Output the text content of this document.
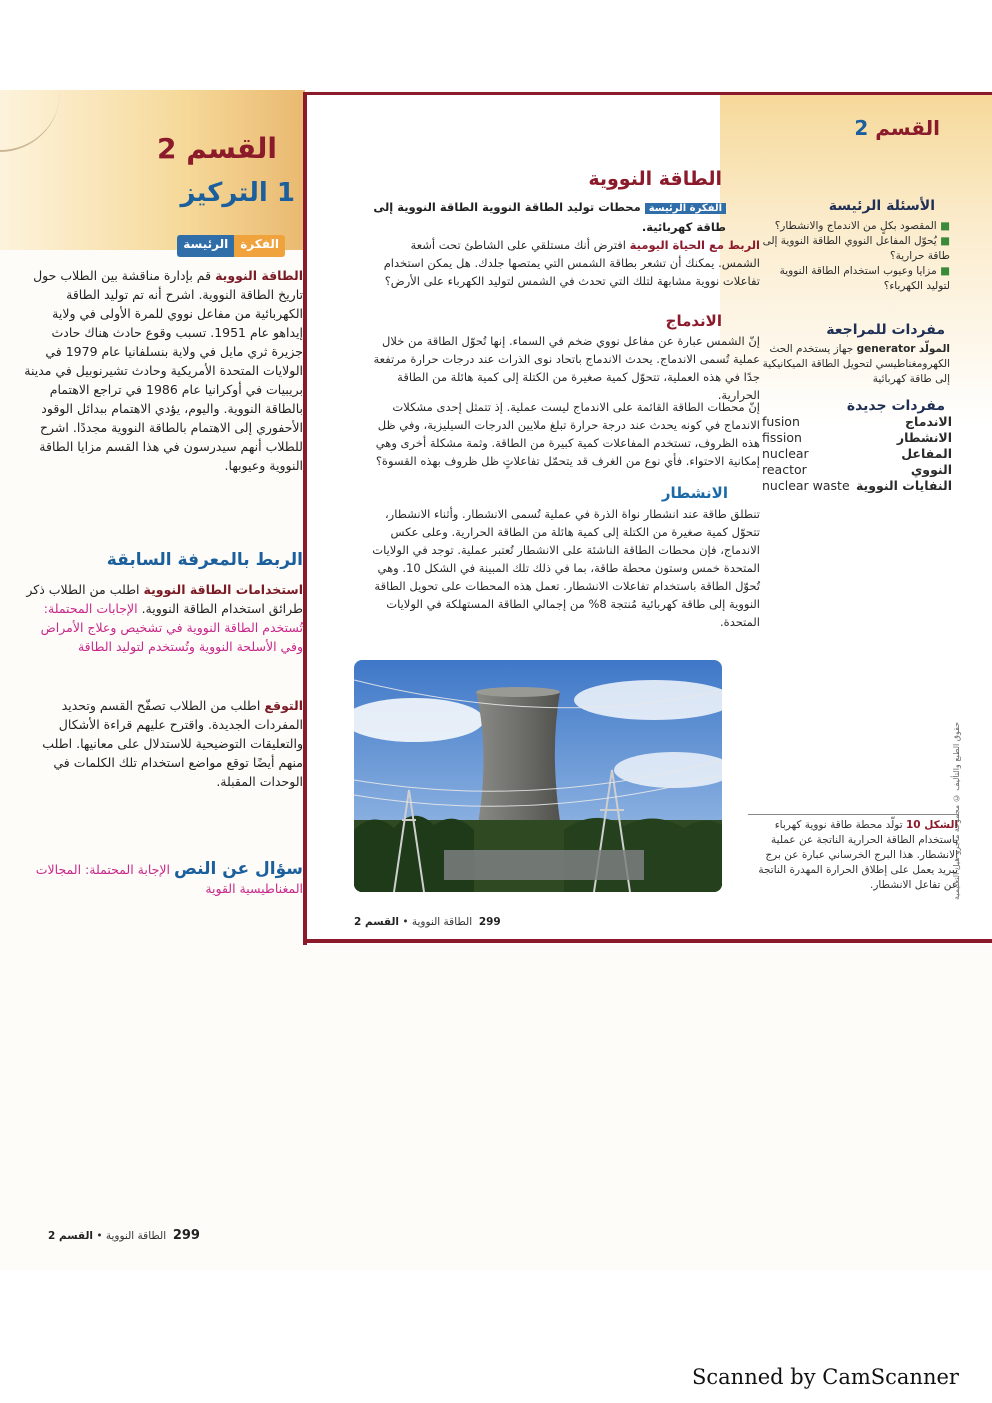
القسم 2
1 التركيز
الفكرة
الرئيسة
الطاقة النووية قم بإدارة مناقشة بين الطلاب حول تاريخ الطاقة النووية. اشرح أنه تم توليد الطاقة الكهربائية من مفاعل نووي للمرة الأولى في ولاية إيداهو عام 1951. تسبب وقوع حادث هناك حادث جزيرة ثري مايل في ولاية بنسلفانيا عام 1979 في الولايات المتحدة الأمريكية وحادث تشيرنوبيل في مدينة بريبيات في أوكرانيا عام 1986 في تراجع الاهتمام بالطاقة النووية. واليوم، يؤدي الاهتمام ببدائل الوقود الأحفوري إلى الاهتمام بالطاقة النووية مجددًا. اشرح للطلاب أنهم سيدرسون في هذا القسم مزايا الطاقة النووية وعيوبها.
الربط بالمعرفة السابقة
استخدامات الطاقة النووية اطلب من الطلاب ذكر طرائق استخدام الطاقة النووية. الإجابات المحتملة: تُستخدم الطاقة النووية في تشخيص وعلاج الأمراض وفي الأسلحة النووية وتُستخدم لتوليد الطاقة
التوقع اطلب من الطلاب تصفّح القسم وتحديد المفردات الجديدة. واقترح عليهم قراءة الأشكال والتعليقات التوضيحية للاستدلال على معانيها. اطلب منهم أيضًا توقع مواضع استخدام تلك الكلمات في الوحدات المقبلة.
سؤال عن النص الإجابة المحتملة: المجالات المغناطيسية القوية
299  الطاقة النووية • القسم 2
القسم 2
الطاقة النووية
الفكرة الرئيسة محطات توليد الطاقة النووية الطاقة النووية إلى طاقة كهربائية.
الربط مع الحياة اليومية افترض أنك مستلقي على الشاطئ تحت أشعة الشمس. يمكنك أن تشعر بطاقة الشمس التي يمتصها جلدك. هل يمكن استخدام تفاعلات نووية مشابهة لتلك التي تحدث في الشمس لتوليد الكهرباء على الأرض؟
الاندماج
إنّ الشمس عبارة عن مفاعل نووي ضخم في السماء. إنها تُحوّل الطاقة من خلال عملية تُسمى الاندماج. يحدث الاندماج باتحاد نوى الذرات عند درجات حرارة مرتفعة جدًا في هذه العملية، تتحوّل كمية صغيرة من الكتلة إلى كمية هائلة من الطاقة الحرارية.
إنّ محطات الطاقة القائمة على الاندماج ليست عملية. إذ تتمثل إحدى مشكلات الاندماج في كونه يحدث عند درجة حرارة تبلغ ملايين الدرجات السيليزية، وفي ظل هذه الظروف، تستخدم المفاعلات كمية كبيرة من الطاقة. وثمة مشكلة أخرى وهي إمكانية الاحتواء. فأي نوع من الغرف قد يتحمّل تفاعلاتٍ ظل ظروف بهذه القسوة؟
الانشطار
تنطلق طاقة عند انشطار نواة الذرة في عملية تُسمى الانشطار. وأثناء الانشطار، تتحوّل كمية صغيرة من الكتلة إلى كمية هائلة من الطاقة الحرارية. وعلى عكس الاندماج، فإن محطات الطاقة الناشئة على الانشطار تُعتبر عملية. توجد في الولايات المتحدة خمس وستون محطة طاقة، بما في ذلك تلك المبينة في الشكل 10. وهي تُحوّل الطاقة باستخدام تفاعلات الانشطار. تعمل هذه المحطات على تحويل الطاقة النووية إلى طاقة كهربائية مُنتجة 8% من إجمالي الطاقة المستهلكة في الولايات المتحدة.
الأسئلة الرئيسة
■ المقصود بكلٍ من الاندماج والانشطار؟
■ يُحوّل المفاعل النووي الطاقة النووية إلى طاقة حرارية؟
■ مزايا وعيوب استخدام الطاقة النووية لتوليد الكهرباء؟
مفردات للمراجعة
المولّد generator جهاز يستخدم الحث الكهرومغناطيسي لتحويل الطاقة الميكانيكية إلى طاقة كهربائية
مفردات جديدة
fusion	الاندماج
fission	الانشطار
nuclear reactor
المفاعل النووي
nuclear waste النفايات النووية
الشكل 10 تولّد محطة طاقة نووية كهرباء باستخدام الطاقة الحرارية الناتجة عن عملية الانشطار. هذا البرج الخرساني عبارة عن برج تبريد يعمل على إطلاق الحرارة المهدرة الناتجة عن تفاعل الانشطار.
حقوق الطبع والتأليف © مجموعة ماجرو-هيل التعليمية
299  الطاقة النووية • القسم 2
Scanned by CamScanner
